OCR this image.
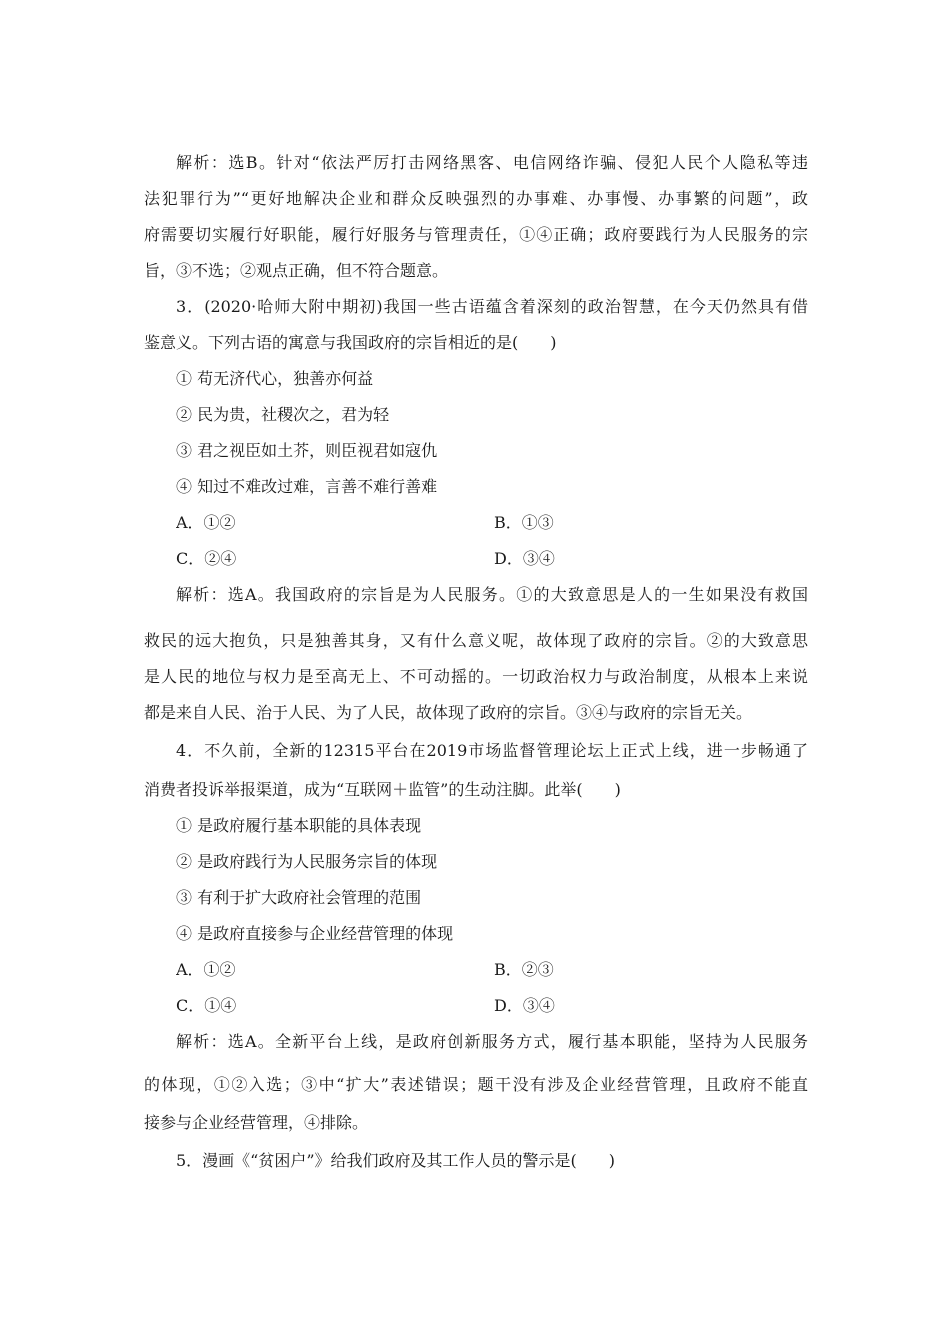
解析：选B。针对“依法严厉打击网络黑客、电信网络诈骗、侵犯人民个人隐私等违
法犯罪行为”“更好地解决企业和群众反映强烈的办事难、办事慢、办事繁的问题”，政
府需要切实履行好职能，履行好服务与管理责任，①④正确；政府要践行为人民服务的宗
旨，③不选；②观点正确，但不符合题意。
3．(2020·哈师大附中期初)我国一些古语蕴含着深刻的政治智慧，在今天仍然具有借
鉴意义。下列古语的寓意与我国政府的宗旨相近的是(　　)
① 苟无济代心，独善亦何益
② 民为贵，社稷次之，君为轻
③ 君之视臣如土芥，则臣视君如寇仇
④ 知过不难改过难，言善不难行善难
A．①②	B．①③
C．②④	D．③④
解析：选A。我国政府的宗旨是为人民服务。①的大致意思是人的一生如果没有救国
救民的远大抱负，只是独善其身，又有什么意义呢，故体现了政府的宗旨。②的大致意思
是人民的地位与权力是至高无上、不可动摇的。一切政治权力与政治制度，从根本上来说
都是来自人民、治于人民、为了人民，故体现了政府的宗旨。③④与政府的宗旨无关。
4．不久前，全新的12315平台在2019市场监督管理论坛上正式上线，进一步畅通了
消费者投诉举报渠道，成为“互联网＋监管”的生动注脚。此举(　　)
① 是政府履行基本职能的具体表现
② 是政府践行为人民服务宗旨的体现
③ 有利于扩大政府社会管理的范围
④ 是政府直接参与企业经营管理的体现
A．①②	B．②③
C．①④	D．③④
解析：选A。全新平台上线，是政府创新服务方式，履行基本职能，坚持为人民服务
的体现，①②入选；③中“扩大”表述错误；题干没有涉及企业经营管理，且政府不能直
接参与企业经营管理，④排除。
5．漫画《“贫困户”》给我们政府及其工作人员的警示是(　　)
